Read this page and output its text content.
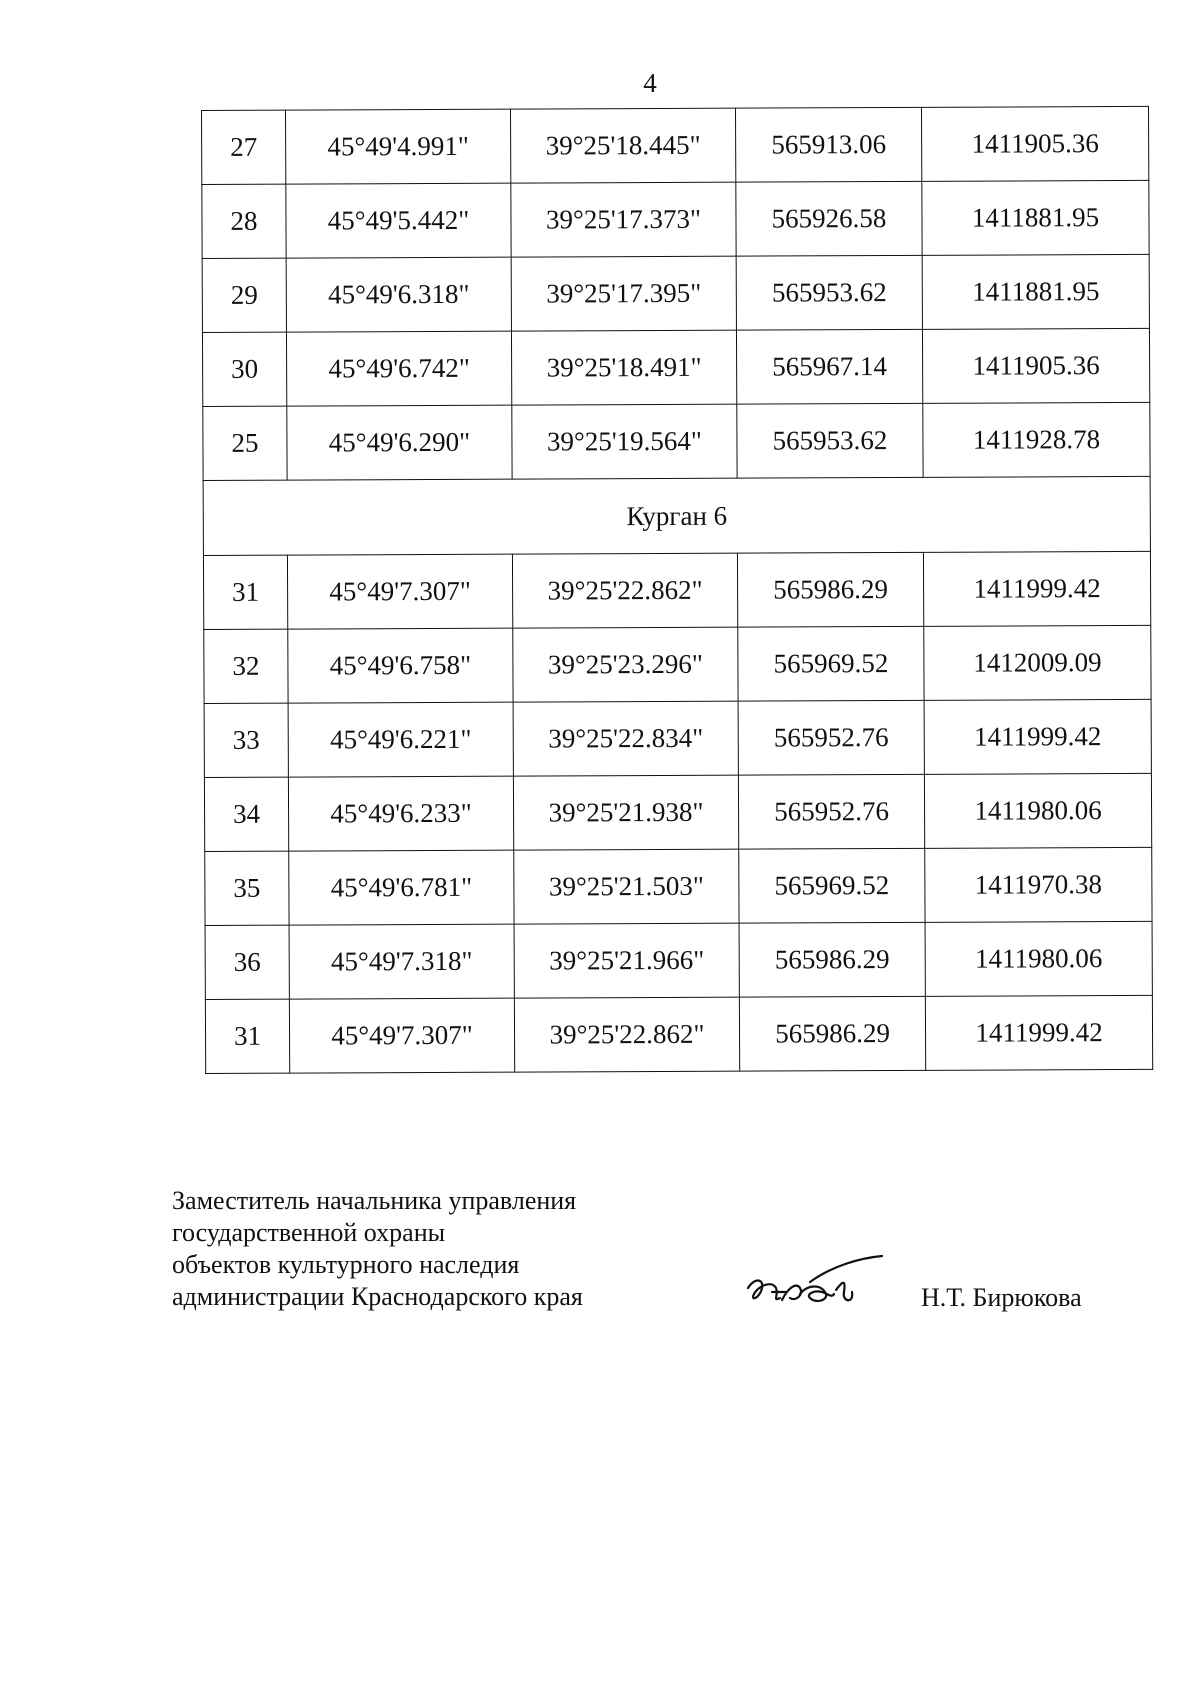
4
27	45°49'4.991"	39°25'18.445"	565913.06	1411905.36
28	45°49'5.442"	39°25'17.373"	565926.58	1411881.95
29	45°49'6.318"	39°25'17.395"	565953.62	1411881.95
30	45°49'6.742"	39°25'18.491"	565967.14	1411905.36
25	45°49'6.290"	39°25'19.564"	565953.62	1411928.78
Курган 6				
31	45°49'7.307"	39°25'22.862"	565986.29	1411999.42
32	45°49'6.758"	39°25'23.296"	565969.52	1412009.09
33	45°49'6.221"	39°25'22.834"	565952.76	1411999.42
34	45°49'6.233"	39°25'21.938"	565952.76	1411980.06
35	45°49'6.781"	39°25'21.503"	565969.52	1411970.38
36	45°49'7.318"	39°25'21.966"	565986.29	1411980.06
31	45°49'7.307"	39°25'22.862"	565986.29	1411999.42
Заместитель начальника управления
государственной охраны
объектов культурного наследия
администрации Краснодарского края	Н.Т. Бирюкова
